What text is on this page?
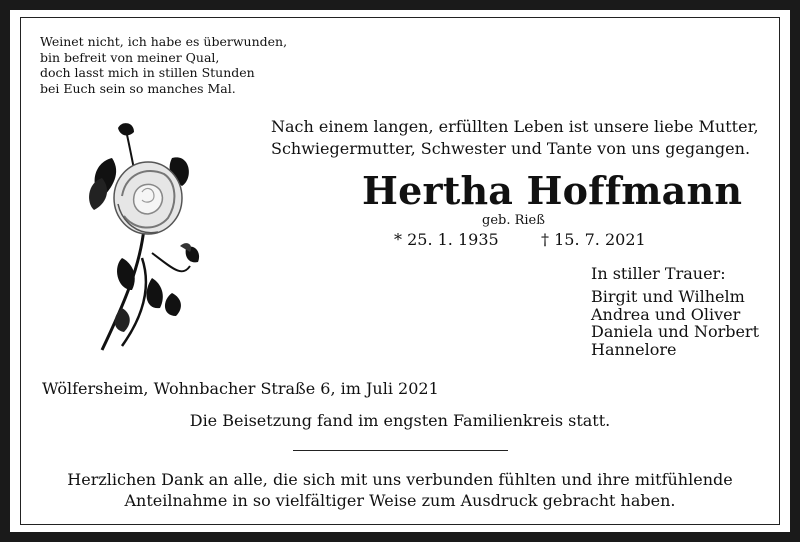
Weinet nicht, ich habe es überwunden,
bin befreit von meiner Qual,
doch lasst mich in stillen Stunden
bei Euch sein so manches Mal.
Nach einem langen, erfüllten Leben ist unsere liebe Mutter,
Schwiegermutter, Schwester und Tante von uns gegangen.
Hertha Hoffmann
geb. Rieß
* 25. 1. 1935	† 15. 7. 2021
In stiller Trauer:
Birgit und Wilhelm
Andrea und Oliver
Daniela und Norbert
Hannelore
Wölfersheim, Wohnbacher Straße 6, im Juli 2021
Die Beisetzung fand im engsten Familienkreis statt.
Herzlichen Dank an alle, die sich mit uns verbunden fühlten und ihre mitfühlende
Anteilnahme in so vielfältiger Weise zum Ausdruck gebracht haben.
